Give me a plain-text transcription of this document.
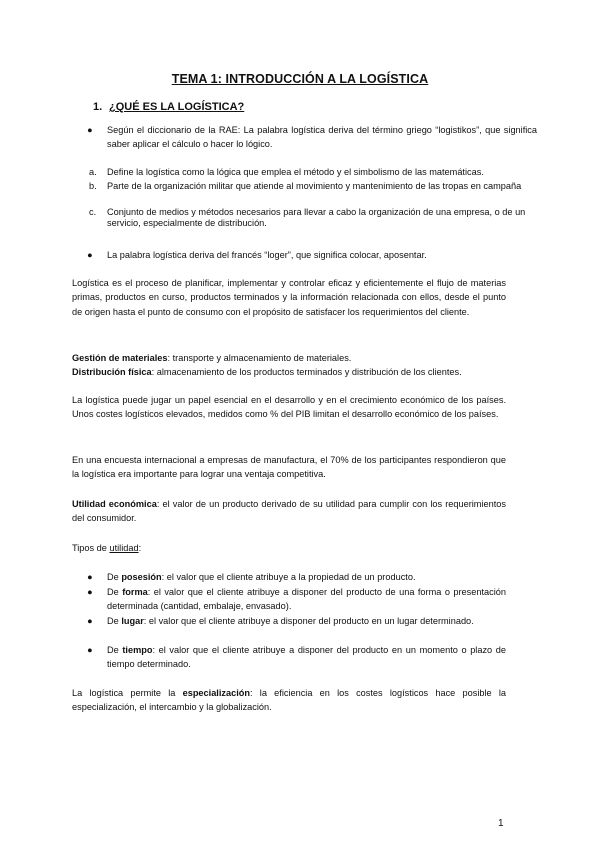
TEMA 1: INTRODUCCIÓN A LA LOGÍSTICA
1. ¿QUÉ ES LA LOGÍSTICA?
● Según el diccionario de la RAE: La palabra logística deriva del término griego “logistikos”, que significa saber aplicar el cálculo o hacer lo lógico.
a. Define la logística como la lógica que emplea el método y el simbolismo de las matemáticas.
b. Parte de la organización militar que atiende al movimiento y mantenimiento de las tropas en campaña
c. Conjunto de medios y métodos necesarios para llevar a cabo la organización de una empresa, o de un servicio, especialmente de distribución.
● La palabra logística deriva del francés “loger”, que significa colocar, aposentar.
Logística es el proceso de planificar, implementar y controlar eficaz y eficientemente el flujo de materias primas, productos en curso, productos terminados y la información relacionada con ellos, desde el punto de origen hasta el punto de consumo con el propósito de satisfacer los requerimientos del cliente.
Gestión de materiales: transporte y almacenamiento de materiales.
Distribución física: almacenamiento de los productos terminados y distribución de los clientes.
La logística puede jugar un papel esencial en el desarrollo y en el crecimiento económico de los países. Unos costes logísticos elevados, medidos como % del PIB limitan el desarrollo económico de los países.
En una encuesta internacional a empresas de manufactura, el 70% de los participantes respondieron que la logística era importante para lograr una ventaja competitiva.
Utilidad económica: el valor de un producto derivado de su utilidad para cumplir con los requerimientos del consumidor.
Tipos de utilidad:
● De posesión: el valor que el cliente atribuye a la propiedad de un producto.
● De forma: el valor que el cliente atribuye a disponer del producto de una forma o presentación determinada (cantidad, embalaje, envasado).
● De lugar: el valor que el cliente atribuye a disponer del producto en un lugar determinado.
● De tiempo: el valor que el cliente atribuye a disponer del producto en un momento o plazo de tiempo determinado.
La logística permite la especialización: la eficiencia en los costes logísticos hace posible la especialización, el intercambio y la globalización.
1
